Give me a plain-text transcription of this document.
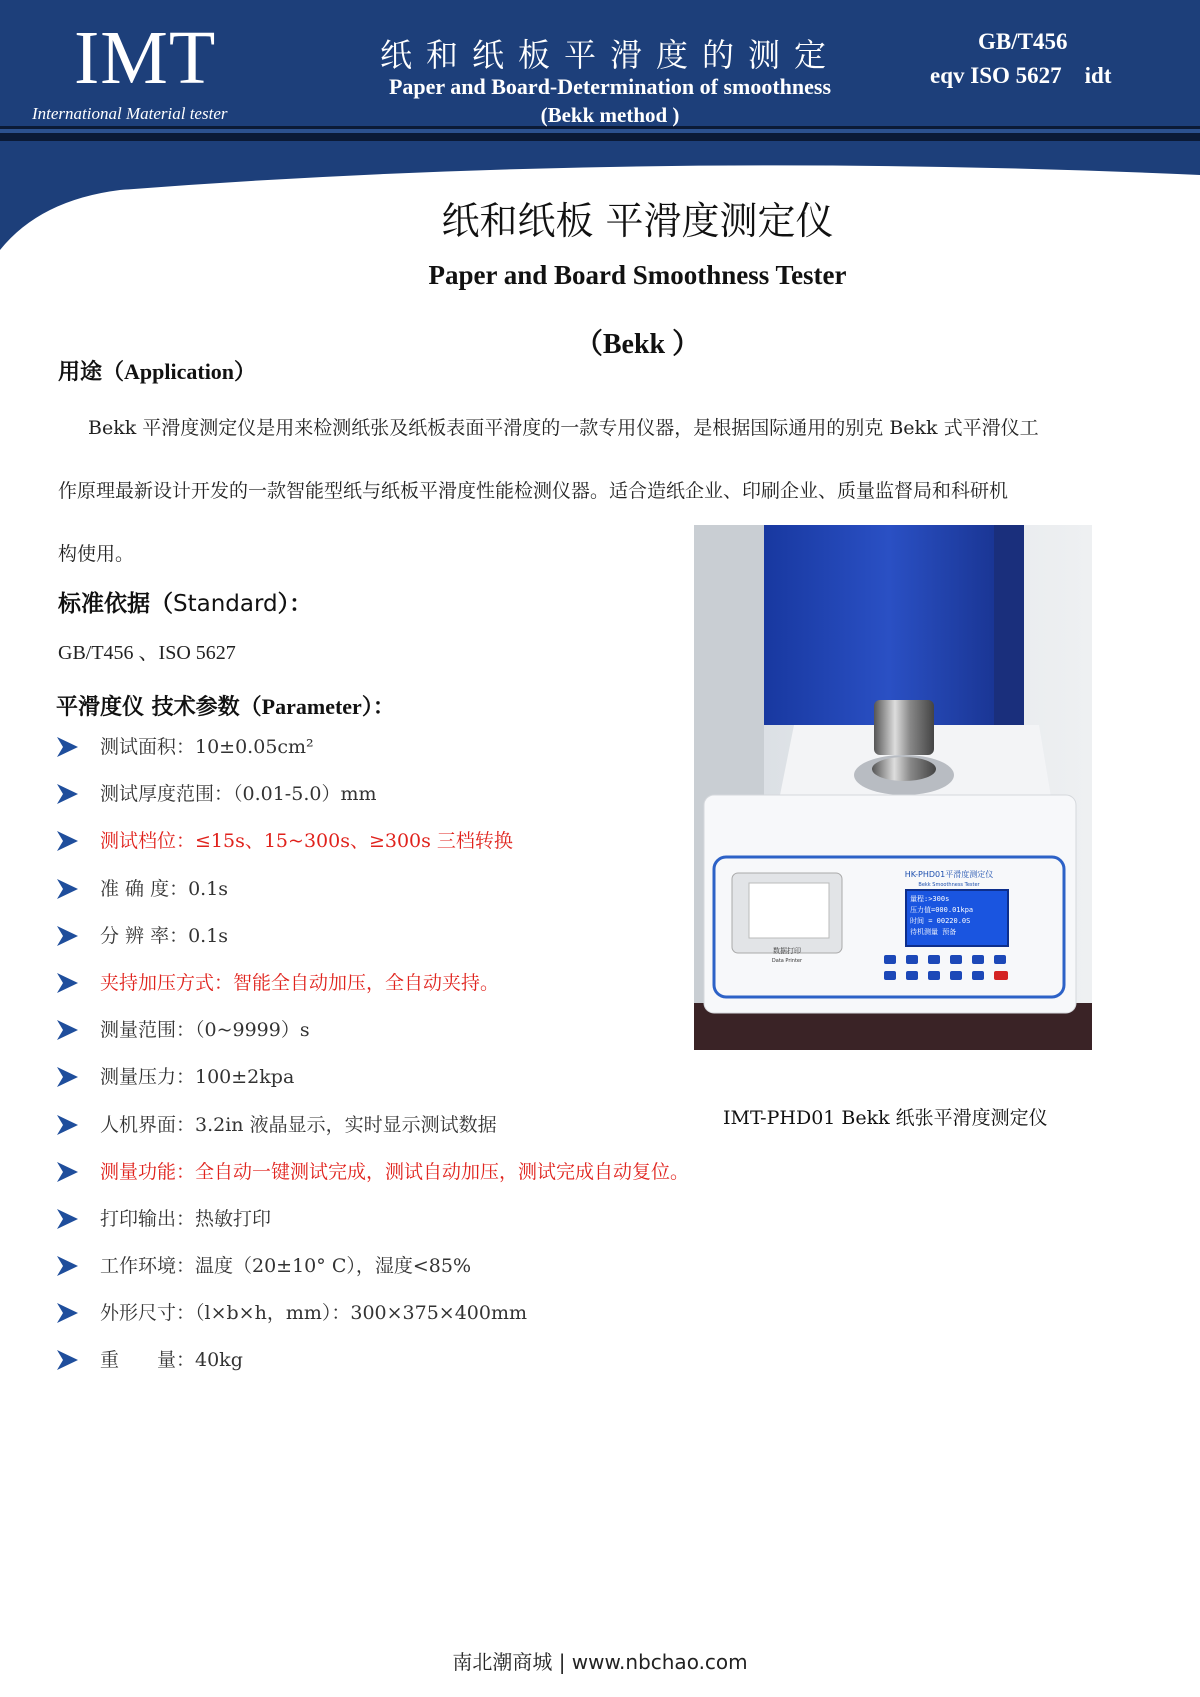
IMT
International Material tester
纸和纸板平滑度的测定
Paper and Board-Determination of smoothness
(Bekk method )
GB/T456
eqv ISO 5627    idt
纸和纸板 平滑度测定仪
Paper and Board Smoothness Tester
（Bekk ）
用途（Application）
Bekk 平滑度测定仪是用来检测纸张及纸板表面平滑度的一款专用仪器，是根据国际通用的别克 Bekk 式平滑仪工
作原理最新设计开发的一款智能型纸与纸板平滑度性能检测仪器。适合造纸企业、印刷企业、质量监督局和科研机
构使用。
标准依据（Standard）：
GB/T456 、ISO 5627
平滑度仪 技术参数（Parameter）：
测试面积：10±0.05cm²
测试厚度范围：（0.01-5.0）mm
测试档位：≤15s、15~300s、≥300s 三档转换
准 确 度：0.1s
分 辨 率：0.1s
夹持加压方式：智能全自动加压，全自动夹持。
测量范围：（0~9999）s
测量压力：100±2kpa
人机界面：3.2in 液晶显示，实时显示测试数据
测量功能：全自动一键测试完成，测试自动加压，测试完成自动复位。
打印输出：热敏打印
工作环境：温度（20±10° C），湿度<85%
外形尺寸：（l×b×h，mm）：300×375×400mm
重　　量：40kg
数据打印
Data Printer
HK-PHD01平滑度测定仪
Bekk Smoothness Tester
量程:>300s
压力值=000.01kpa
时间 = 00220.0S
待机测量 预备
IMT-PHD01 Bekk 纸张平滑度测定仪
南北潮商城 | www.nbchao.com
